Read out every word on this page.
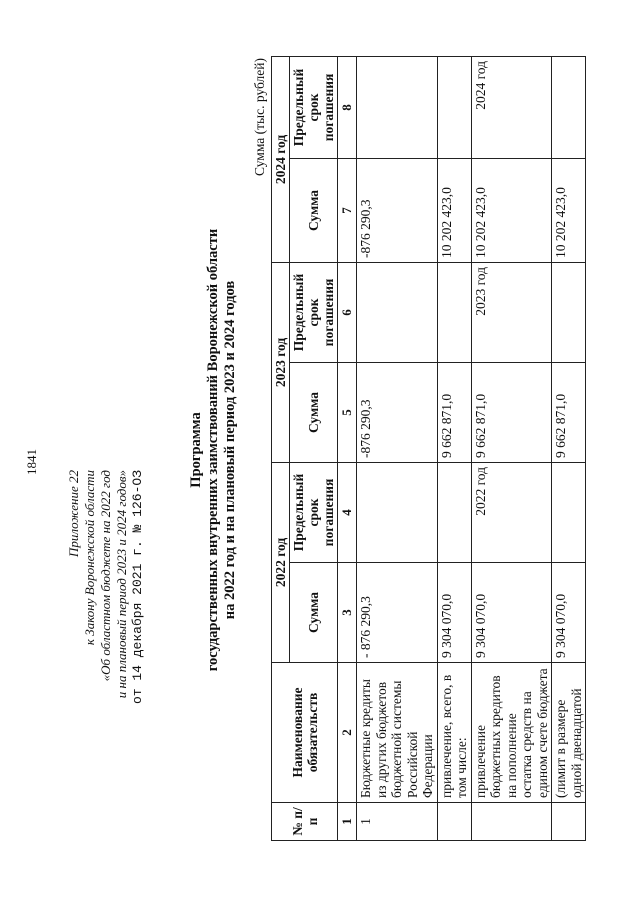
1841
Приложение 22 к Закону Воронежской области «Об областном бюджете на 2022 год и на плановый период 2023 и 2024 годов» от 14 декабря 2021 г. № 126-ОЗ
Программа государственных внутренних заимствований Воронежской области на 2022 год и на плановый период 2023 и 2024 годов
Сумма (тыс. рублей)
№ п/п	Наименование обязательств	2022 год		2023 год		2024 год	
		Сумма	Предельный срок погашения	Сумма	Предельный срок погашения	Сумма	Предельный срок погашения
1	2	3	4	5	6	7	8
1	Бюджетные кредиты из других бюджетов бюджетной системы Российской Федерации	- 876 290,3		-876 290,3		-876 290,3	
	привлечение, всего, в том числе:	9 304 070,0		9 662 871,0		10 202 423,0	
	привлечение бюджетных кредитов на пополнение остатка средств на едином счете бюджета	9 304 070,0	2022 год	9 662 871,0	2023 год	10 202 423,0	2024 год
	(лимит в размере одной двенадцатой	9 304 070,0		9 662 871,0		10 202 423,0	
